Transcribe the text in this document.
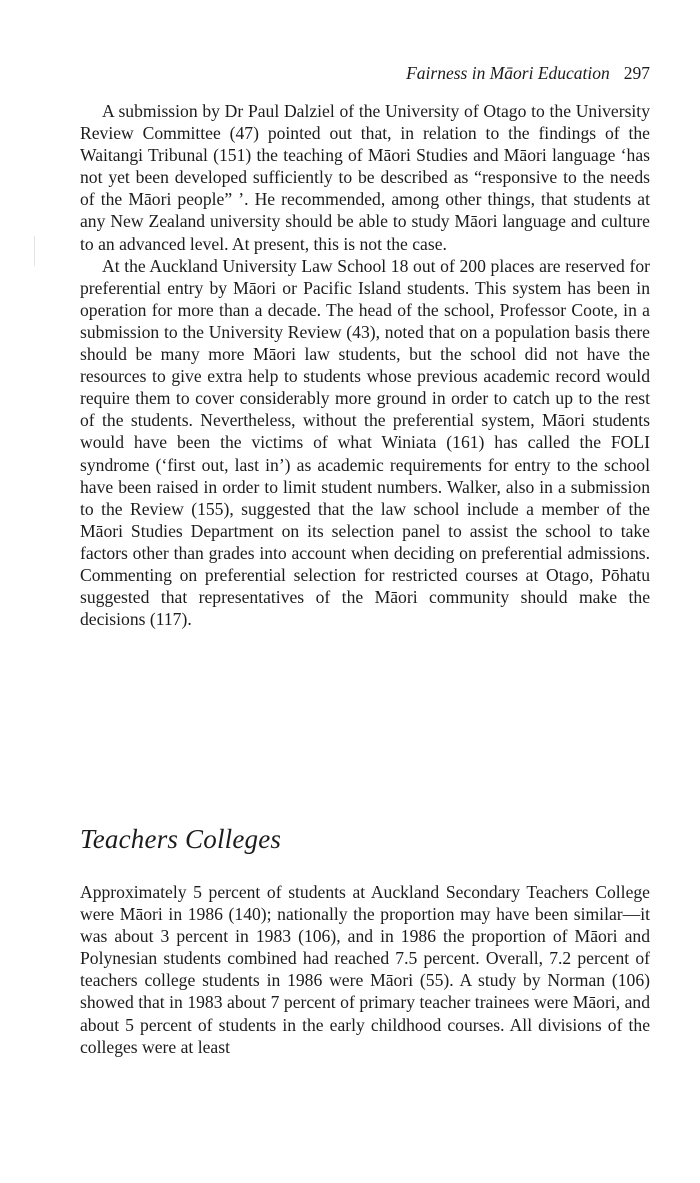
Fairness in Māori Education 297

A submission by Dr Paul Dalziel of the University of Otago to the University Review Committee (47) pointed out that, in relation to the findings of the Waitangi Tribunal (151) the teaching of Māori Studies and Māori language ‘has not yet been developed sufficiently to be described as “responsive to the needs of the Māori people” ’. He recommended, among other things, that students at any New Zealand university should be able to study Māori language and culture to an advanced level. At present, this is not the case.

At the Auckland University Law School 18 out of 200 places are reserved for preferential entry by Māori or Pacific Island students. This system has been in operation for more than a decade. The head of the school, Professor Coote, in a submission to the University Review (43), noted that on a population basis there should be many more Māori law students, but the school did not have the resources to give extra help to students whose previous academic record would require them to cover considerably more ground in order to catch up to the rest of the students. Nevertheless, without the preferential system, Māori students would have been the victims of what Winiata (161) has called the FOLI syndrome (‘first out, last in’) as academic requirements for entry to the school have been raised in order to limit student numbers. Walker, also in a submission to the Review (155), suggested that the law school include a member of the Māori Studies Department on its selection panel to assist the school to take factors other than grades into account when deciding on preferential admissions. Commenting on preferential selection for restricted courses at Otago, Pōhatu suggested that representatives of the Māori community should make the decisions (117).

Teachers Colleges

Approximately 5 percent of students at Auckland Secondary Teachers College were Māori in 1986 (140); nationally the proportion may have been similar—it was about 3 percent in 1983 (106), and in 1986 the proportion of Māori and Polynesian students combined had reached 7.5 percent. Overall, 7.2 percent of teachers college students in 1986 were Māori (55). A study by Norman (106) showed that in 1983 about 7 percent of primary teacher trainees were Māori, and about 5 percent of students in the early childhood courses. All divisions of the colleges were at least
